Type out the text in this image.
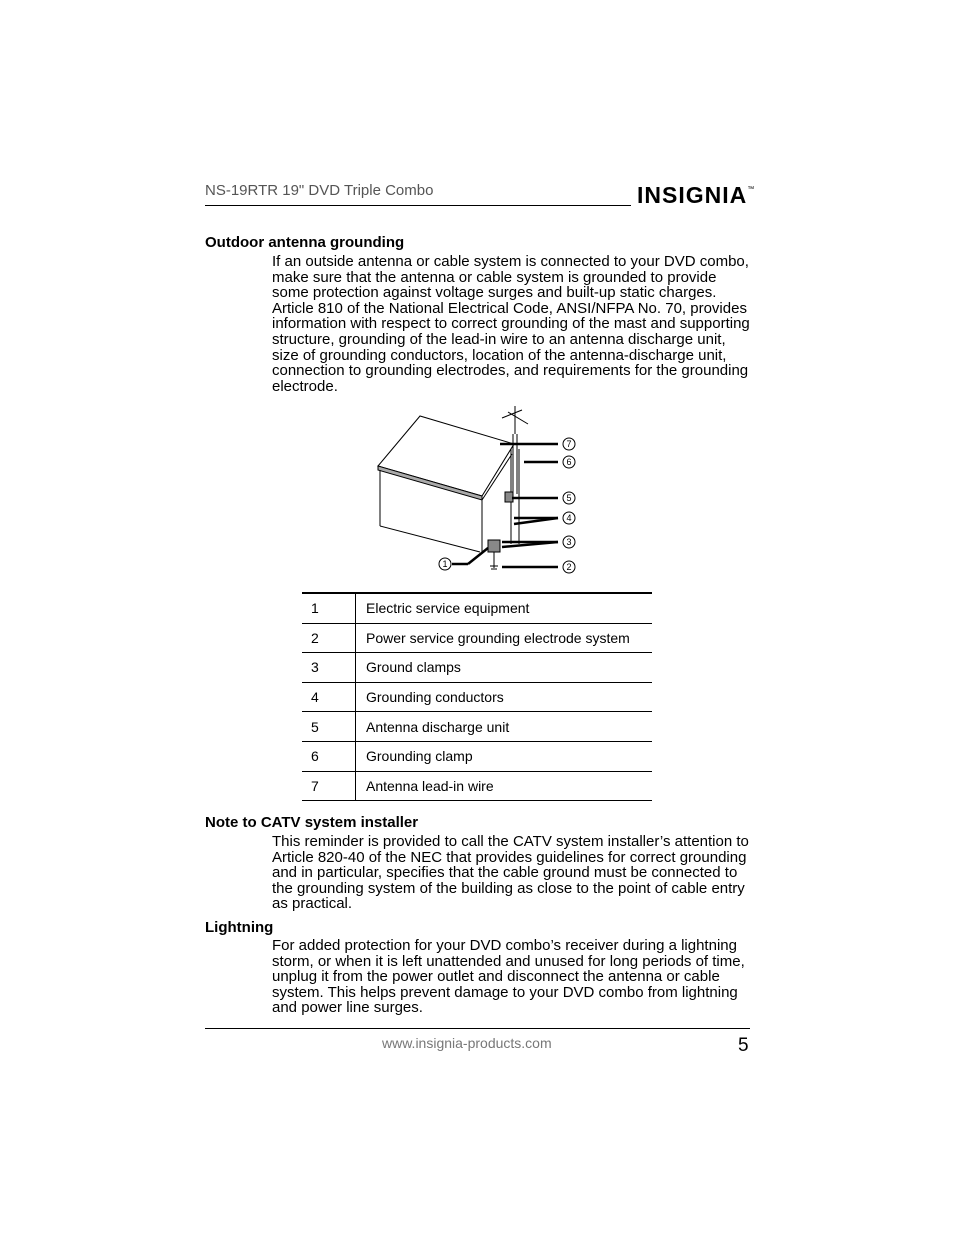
NS-19RTR 19" DVD Triple Combo	INSIGNIA™
Outdoor antenna grounding
If an outside antenna or cable system is connected to your DVD combo, make sure that the antenna or cable system is grounded to provide some protection against voltage surges and built-up static charges. Article 810 of the National Electrical Code, ANSI/NFPA No. 70, provides information with respect to correct grounding of the mast and supporting structure, grounding of the lead-in wire to an antenna discharge unit, size of grounding conductors, location of the antenna-discharge unit, connection to grounding electrodes, and requirements for the grounding electrode.
7
6
5
4
3
2
1
1	Electric service equipment
2	Power service grounding electrode system
3	Ground clamps
4	Grounding conductors
5	Antenna discharge unit
6	Grounding clamp
7	Antenna lead-in wire
Note to CATV system installer
This reminder is provided to call the CATV system installer’s attention to Article 820-40 of the NEC that provides guidelines for correct grounding and in particular, specifies that the cable ground must be connected to the grounding system of the building as close to the point of cable entry as practical.
Lightning
For added protection for your DVD combo’s receiver during a lightning storm, or when it is left unattended and unused for long periods of time, unplug it from the power outlet and disconnect the antenna or cable system. This helps prevent damage to your DVD combo from lightning and power line surges.
www.insignia-products.com	5
